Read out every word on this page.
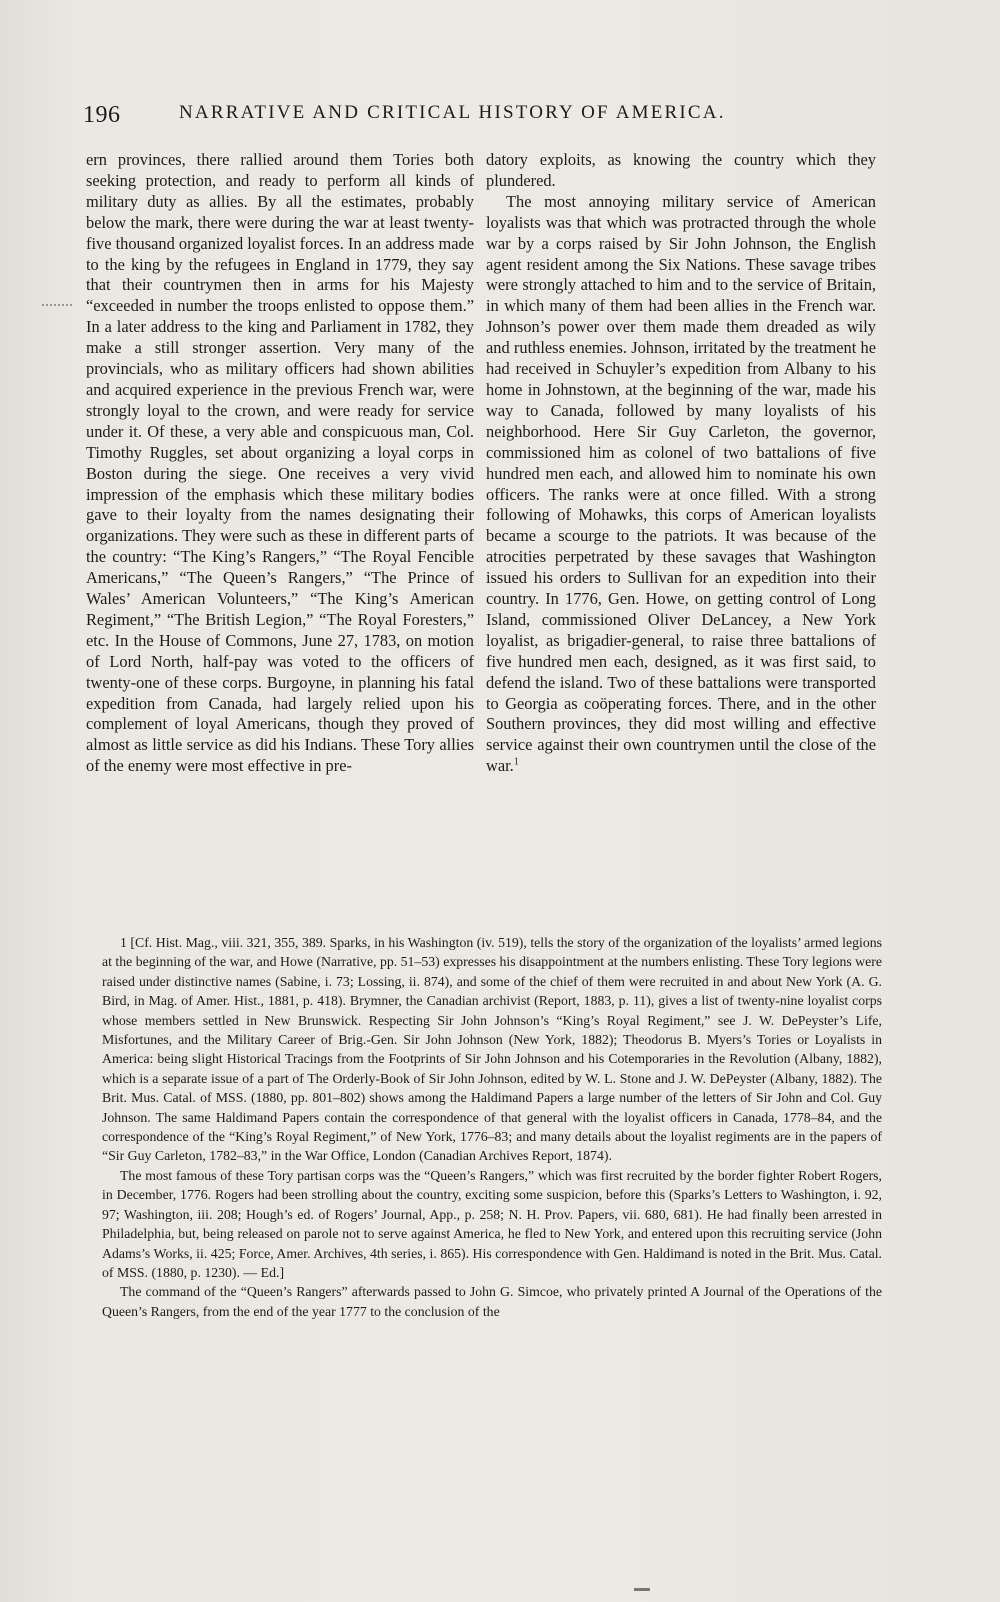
196	NARRATIVE AND CRITICAL HISTORY OF AMERICA.

ern provinces, there rallied around them Tories both seeking protection, and ready to perform all kinds of military duty as allies. By all the estimates, probably below the mark, there were during the war at least twenty-five thousand organized loyalist forces. In an address made to the king by the refugees in England in 1779, they say that their countrymen then in arms for his Majesty “exceeded in number the troops enlisted to oppose them.” In a later address to the king and Parliament in 1782, they make a still stronger assertion. Very many of the provincials, who as military officers had shown abilities and acquired experience in the previous French war, were strongly loyal to the crown, and were ready for service under it. Of these, a very able and conspicuous man, Col. Timothy Ruggles, set about organizing a loyal corps in Boston during the siege. One receives a very vivid impression of the emphasis which these military bodies gave to their loyalty from the names designating their organizations. They were such as these in different parts of the country: “The King’s Rangers,” “The Royal Fencible Americans,” “The Queen’s Rangers,” “The Prince of Wales’ American Volunteers,” “The King’s American Regiment,” “The British Legion,” “The Royal Foresters,” etc. In the House of Commons, June 27, 1783, on motion of Lord North, half-pay was voted to the officers of twenty-one of these corps. Burgoyne, in planning his fatal expedition from Canada, had largely relied upon his complement of loyal Americans, though they proved of almost as little service as did his Indians. These Tory allies of the enemy were most effective in pre-

datory exploits, as knowing the country which they plundered.

The most annoying military service of American loyalists was that which was protracted through the whole war by a corps raised by Sir John Johnson, the English agent resident among the Six Nations. These savage tribes were strongly attached to him and to the service of Britain, in which many of them had been allies in the French war. Johnson’s power over them made them dreaded as wily and ruthless enemies. Johnson, irritated by the treatment he had received in Schuyler’s expedition from Albany to his home in Johnstown, at the beginning of the war, made his way to Canada, followed by many loyalists of his neighborhood. Here Sir Guy Carleton, the governor, commissioned him as colonel of two battalions of five hundred men each, and allowed him to nominate his own officers. The ranks were at once filled. With a strong following of Mohawks, this corps of American loyalists became a scourge to the patriots. It was because of the atrocities perpetrated by these savages that Washington issued his orders to Sullivan for an expedition into their country. In 1776, Gen. Howe, on getting control of Long Island, commissioned Oliver DeLancey, a New York loyalist, as brigadier-general, to raise three battalions of five hundred men each, designed, as it was first said, to defend the island. Two of these battalions were transported to Georgia as coöperating forces. There, and in the other Southern provinces, they did most willing and effective service against their own countrymen until the close of the war.$^1$

1 [Cf. Hist. Mag., viii. 321, 355, 389. Sparks, in his Washington (iv. 519), tells the story of the organization of the loyalists’ armed legions at the beginning of the war, and Howe (Narrative, pp. 51–53) expresses his disappointment at the numbers enlisting. These Tory legions were raised under distinctive names (Sabine, i. 73; Lossing, ii. 874), and some of the chief of them were recruited in and about New York (A. G. Bird, in Mag. of Amer. Hist., 1881, p. 418). Brymner, the Canadian archivist (Report, 1883, p. 11), gives a list of twenty-nine loyalist corps whose members settled in New Brunswick. Respecting Sir John Johnson’s “King’s Royal Regiment,” see J. W. DePeyster’s Life, Misfortunes, and the Military Career of Brig.-Gen. Sir John Johnson (New York, 1882); Theodorus B. Myers’s Tories or Loyalists in America: being slight Historical Tracings from the Footprints of Sir John Johnson and his Cotemporaries in the Revolution (Albany, 1882), which is a separate issue of a part of The Orderly-Book of Sir John Johnson, edited by W. L. Stone and J. W. DePeyster (Albany, 1882). The Brit. Mus. Catal. of MSS. (1880, pp. 801–802) shows among the Haldimand Papers a large number of the letters of Sir John and Col. Guy Johnson. The same Haldimand Papers contain the correspondence of that general with the loyalist officers in Canada, 1778–84, and the correspondence of the “King’s Royal Regiment,” of New York, 1776–83; and many details about the loyalist regiments are in the papers of “Sir Guy Carleton, 1782–83,” in the War Office, London (Canadian Archives Report, 1874).

The most famous of these Tory partisan corps was the “Queen’s Rangers,” which was first recruited by the border fighter Robert Rogers, in December, 1776. Rogers had been strolling about the country, exciting some suspicion, before this (Sparks’s Letters to Washington, i. 92, 97; Washington, iii. 208; Hough’s ed. of Rogers’ Journal, App., p. 258; N. H. Prov. Papers, vii. 680, 681). He had finally been arrested in Philadelphia, but, being released on parole not to serve against America, he fled to New York, and entered upon this recruiting service (John Adams’s Works, ii. 425; Force, Amer. Archives, 4th series, i. 865). His correspondence with Gen. Haldimand is noted in the Brit. Mus. Catal. of MSS. (1880, p. 1230). — Ed.]

The command of the “Queen’s Rangers” afterwards passed to John G. Simcoe, who privately printed A Journal of the Operations of the Queen’s Rangers, from the end of the year 1777 to the conclusion of the
